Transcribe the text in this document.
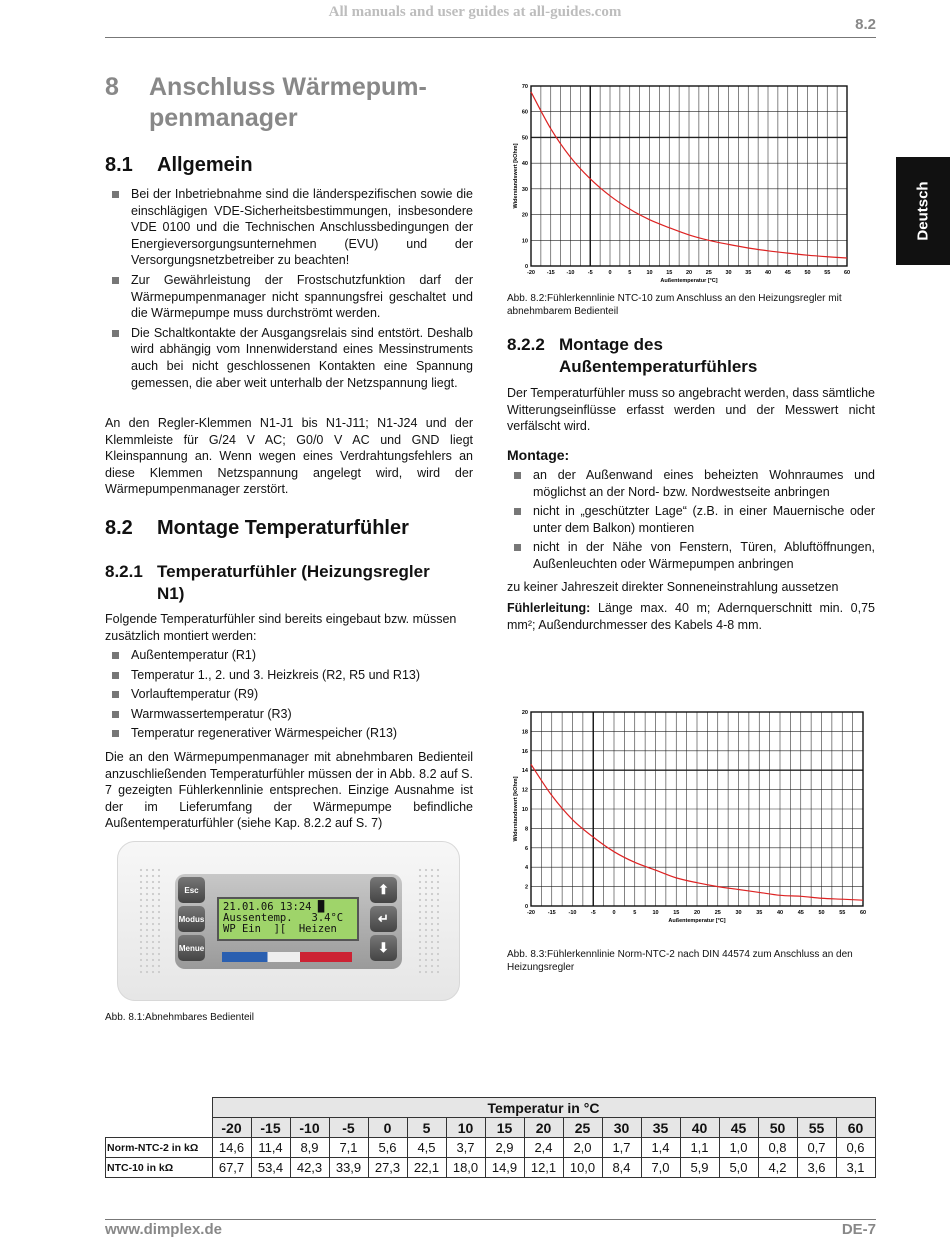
All manuals and user guides at all-guides.com
8.2
Deutsch
www.dimplex.de	DE-7
8 Anschluss Wärmepum-
penmanager
8.1 Allgemein
Bei der Inbetriebnahme sind die länderspezifischen sowie die einschlägigen VDE-Sicherheitsbestimmungen, insbesondere VDE 0100 und die Technischen Anschlussbedingungen der Energieversorgungsunternehmen (EVU) und der Versorgungsnetzbetreiber zu beachten!
Zur Gewährleistung der Frostschutzfunktion darf der Wärmepumpenmanager nicht spannungsfrei geschaltet und die Wärmepumpe muss durchströmt werden.
Die Schaltkontakte der Ausgangsrelais sind entstört. Deshalb wird abhängig vom Innenwiderstand eines Messinstruments auch bei nicht geschlossenen Kontakten eine Spannung gemessen, die aber weit unterhalb der Netzspannung liegt.

An den Regler-Klemmen N1-J1 bis N1-J11; N1-J24 und der Klemmleiste für G/24 V AC; G0/0 V AC und GND liegt Kleinspannung an. Wenn wegen eines Verdrahtungsfehlers an diese Klemmen Netzspannung angelegt wird, wird der Wärmepumpenmanager zerstört.

8.2 Montage Temperaturfühler
8.2.1 Temperaturfühler (Heizungsregler
N1)

Folgende Temperaturfühler sind bereits eingebaut bzw. müssen zusätzlich montiert werden:

Außentemperatur (R1)
Temperatur 1., 2. und 3. Heizkreis (R2, R5 und R13)
Vorlauftemperatur (R9)
Warmwassertemperatur (R3)
Temperatur regenerativer Wärmespeicher (R13)

Die an den Wärmepumpenmanager mit abnehmbaren Bedienteil anzuschließenden Temperaturfühler müssen der in Abb. 8.2 auf S. 7 gezeigten Fühlerkennlinie entsprechen. Einzige Ausnahme ist der im Lieferumfang der Wärmepumpe befindliche Außentemperaturfühler (siehe Kap. 8.2.2 auf S. 7)

Esc
Modus
Menue
⬆
↵
⬇
21.01.06 13:24 █
Aussentemp.   3.4°C
WP Ein  ][  Heizen
Abb. 8.1:Abnehmbares Bedienteil
-20 -15 -10 -5	0	5	10 15 20 25 30 35 40 45 50 55 60
0
10
20
30
40
50
60
70
Außentemperatur [°C]
Widerstandswert [kOhm]
Abb. 8.2:Fühlerkennlinie NTC-10 zum Anschluss an den Heizungsregler mit abnehmbarem Bedienteil
8.2.2 Montage des
Außentemperaturfühlers

Der Temperaturfühler muss so angebracht werden, dass sämtliche Witterungseinflüsse erfasst werden und der Messwert nicht verfälscht wird.

Montage:
an der Außenwand eines beheizten Wohnraumes und möglichst an der Nord- bzw. Nordwestseite anbringen
nicht in „geschützter Lage“ (z.B. in einer Mauernische oder unter dem Balkon) montieren
nicht in der Nähe von Fenstern, Türen, Abluftöffnungen, Außenleuchten oder Wärmepumpen anbringen

zu keiner Jahreszeit direkter Sonneneinstrahlung aussetzen

Fühlerleitung: Länge max. 40 m; Adernquerschnitt min. 0,75 mm²; Außendurchmesser des Kabels 4-8 mm.

-20 -15 -10	-5	0	5	10	15	20	25	30	35	40	45	50	55	60
0
2
4
6
8
10
12
14
16
18
20
Außentemperatur [°C]
Widerstandswert [kOhm]
Abb. 8.3:Fühlerkennlinie Norm-NTC-2 nach DIN 44574 zum Anschluss an den Heizungsregler
	Temperatur in °C																
	-20	-15	-10	-5	0	5	10	15	20	25	30	35	40	45	50	55	60
Norm-NTC-2 in kΩ	14,6	11,4	8,9	7,1	5,6	4,5	3,7	2,9	2,4	2,0	1,7	1,4	1,1	1,0	0,8	0,7	0,6
NTC-10 in kΩ	67,7	53,4	42,3	33,9	27,3	22,1	18,0	14,9	12,1	10,0	8,4	7,0	5,9	5,0	4,2	3,6	3,1
